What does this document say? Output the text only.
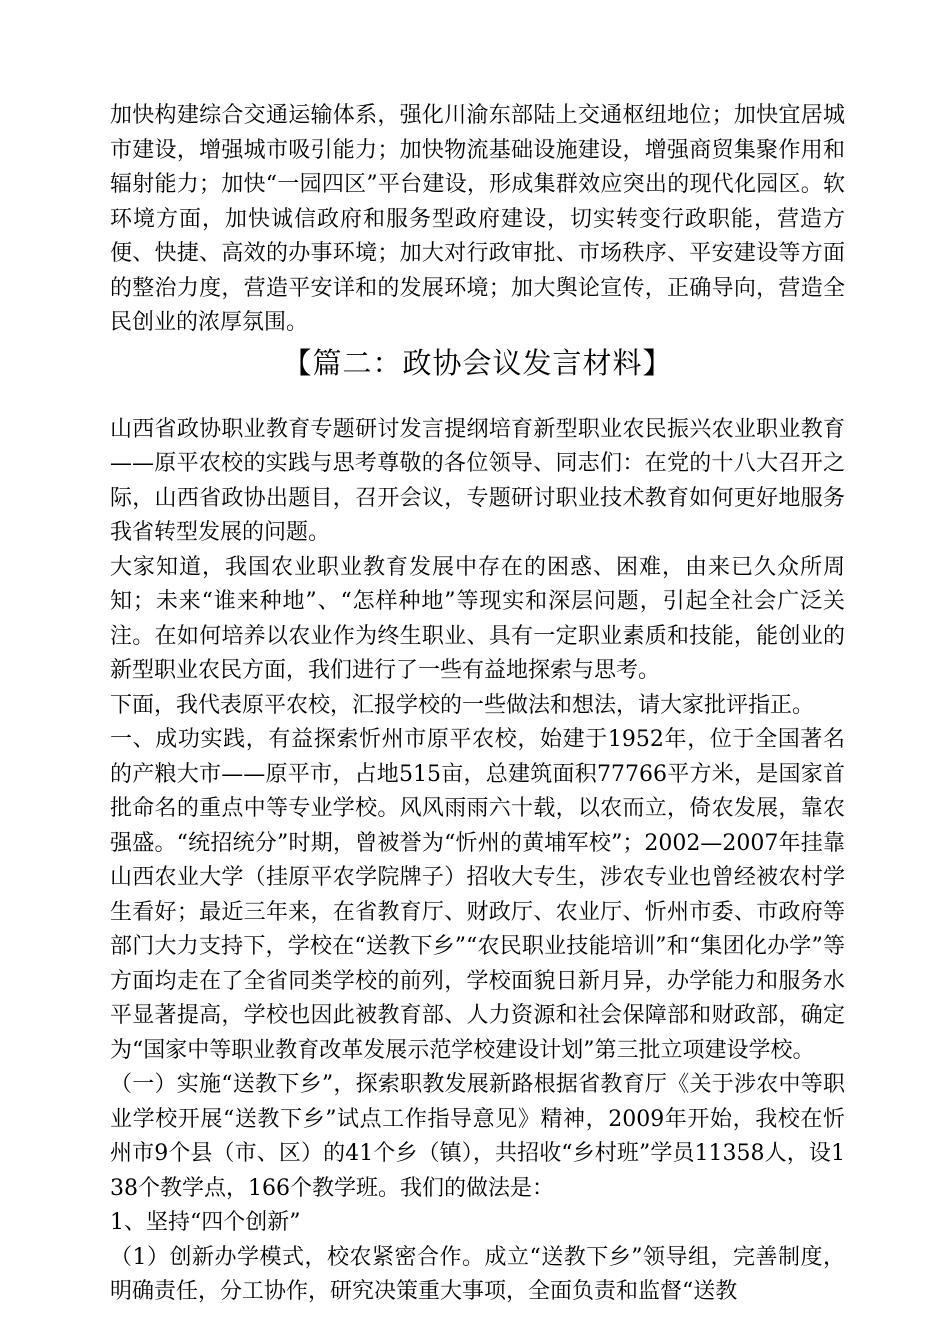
加快构建综合交通运输体系，强化川渝东部陆上交通枢纽地位；加快宜居城市建设，增强城市吸引能力；加快物流基础设施建设，增强商贸集聚作用和辐射能力；加快“一园四区”平台建设，形成集群效应突出的现代化园区。软环境方面，加快诚信政府和服务型政府建设，切实转变行政职能，营造方便、快捷、高效的办事环境；加大对行政审批、市场秩序、平安建设等方面的整治力度，营造平安详和的发展环境；加大舆论宣传，正确导向，营造全民创业的浓厚氛围。

【篇二：政协会议发言材料】

山西省政协职业教育专题研讨发言提纲培育新型职业农民振兴农业职业教育——原平农校的实践与思考尊敬的各位领导、同志们：在党的十八大召开之际，山西省政协出题目，召开会议，专题研讨职业技术教育如何更好地服务我省转型发展的问题。

大家知道，我国农业职业教育发展中存在的困惑、困难，由来已久众所周知；未来“谁来种地”、“怎样种地”等现实和深层问题，引起全社会广泛关注。在如何培养以农业作为终生职业、具有一定职业素质和技能，能创业的新型职业农民方面，我们进行了一些有益地探索与思考。

下面，我代表原平农校，汇报学校的一些做法和想法，请大家批评指正。

一、成功实践，有益探索忻州市原平农校，始建于1952年，位于全国著名的产粮大市——原平市，占地515亩，总建筑面积77766平方米，是国家首批命名的重点中等专业学校。风风雨雨六十载，以农而立，倚农发展，靠农强盛。“统招统分”时期，曾被誉为“忻州的黄埔军校”；2002—2007年挂靠山西农业大学（挂原平农学院牌子）招收大专生，涉农专业也曾经被农村学生看好；最近三年来，在省教育厅、财政厅、农业厅、忻州市委、市政府等部门大力支持下，学校在“送教下乡”“农民职业技能培训”和“集团化办学”等方面均走在了全省同类学校的前列，学校面貌日新月异，办学能力和服务水平显著提高，学校也因此被教育部、人力资源和社会保障部和财政部，确定为“国家中等职业教育改革发展示范学校建设计划”第三批立项建设学校。

（一）实施“送教下乡”，探索职教发展新路根据省教育厅《关于涉农中等职业学校开展“送教下乡”试点工作指导意见》精神，2009年开始，我校在忻州市9个县（市、区）的41个乡（镇），共招收“乡村班”学员11358人，设138个教学点，166个教学班。我们的做法是：

1、坚持“四个创新”

（1）创新办学模式，校农紧密合作。成立“送教下乡”领导组，完善制度，明确责任，分工协作，研究决策重大事项，全面负责和监督“送教
